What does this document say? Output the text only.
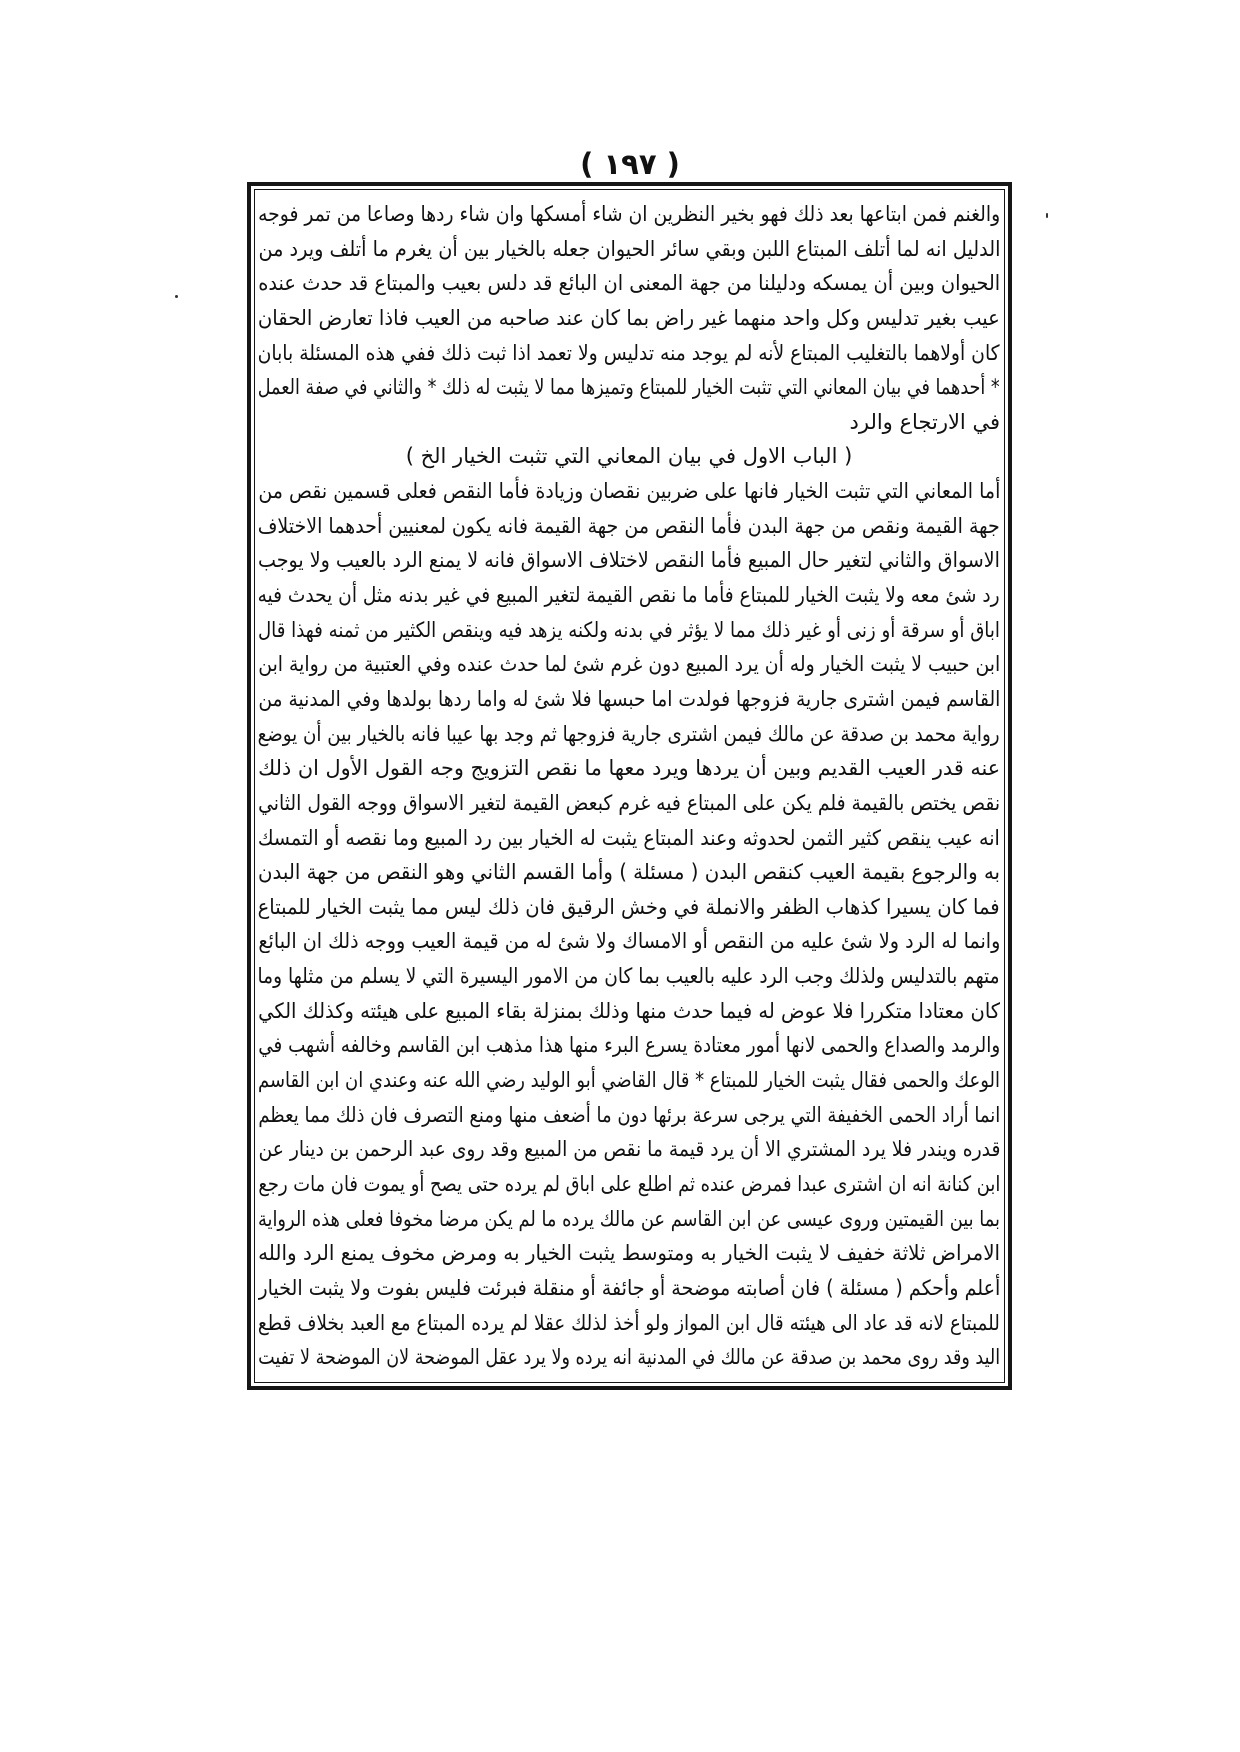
( ١٩٧ )
والغنم فمن ابتاعها بعد ذلك فهو بخير النظرين ان شاء أمسكها وان شاء ردها وصاعا من تمر فوجه
الدليل انه لما أتلف المبتاع اللبن وبقي سائر الحيوان جعله بالخيار بين أن يغرم ما أتلف ويرد من
الحيوان وبين أن يمسكه ودليلنا من جهة المعنى ان البائع قد دلس بعيب والمبتاع قد حدث عنده
عيب بغير تدليس وكل واحد منهما غير راض بما كان عند صاحبه من العيب فاذا تعارض الحقان
كان أولاهما بالتغليب المبتاع لأنه لم يوجد منه تدليس ولا تعمد اذا ثبت ذلك ففي هذه المسئلة بابان
* أحدهما في بيان المعاني التي تثبت الخيار للمبتاع وتميزها مما لا يثبت له ذلك * والثاني في صفة العمل
في الارتجاع والرد
( الباب الاول في بيان المعاني التي تثبت الخيار الخ )
أما المعاني التي تثبت الخيار فانها على ضربين نقصان وزيادة فأما النقص فعلى قسمين نقص من
جهة القيمة ونقص من جهة البدن فأما النقص من جهة القيمة فانه يكون لمعنيين أحدهما الاختلاف
الاسواق والثاني لتغير حال المبيع فأما النقص لاختلاف الاسواق فانه لا يمنع الرد بالعيب ولا يوجب
رد شئ معه ولا يثبت الخيار للمبتاع فأما ما نقص القيمة لتغير المبيع في غير بدنه مثل أن يحدث فيه
اباق أو سرقة أو زنى أو غير ذلك مما لا يؤثر في بدنه ولكنه يزهد فيه وينقص الكثير من ثمنه فهذا قال
ابن حبيب لا يثبت الخيار وله أن يرد المبيع دون غرم شئ لما حدث عنده وفي العتبية من رواية ابن
القاسم فيمن اشترى جارية فزوجها فولدت اما حبسها فلا شئ له واما ردها بولدها وفي المدنية من
رواية محمد بن صدقة عن مالك فيمن اشترى جارية فزوجها ثم وجد بها عيبا فانه بالخيار بين أن يوضع
عنه قدر العيب القديم وبين أن يردها ويرد معها ما نقص التزويج وجه القول الأول ان ذلك
نقص يختص بالقيمة فلم يكن على المبتاع فيه غرم كبعض القيمة لتغير الاسواق ووجه القول الثاني
انه عيب ينقص كثير الثمن لحدوثه وعند المبتاع يثبت له الخيار بين رد المبيع وما نقصه أو التمسك
به والرجوع بقيمة العيب كنقص البدن ( مسئلة ) وأما القسم الثاني وهو النقص من جهة البدن
فما كان يسيرا كذهاب الظفر والانملة في وخش الرقيق فان ذلك ليس مما يثبت الخيار للمبتاع
وانما له الرد ولا شئ عليه من النقص أو الامساك ولا شئ له من قيمة العيب ووجه ذلك ان البائع
متهم بالتدليس ولذلك وجب الرد عليه بالعيب بما كان من الامور اليسيرة التي لا يسلم من مثلها وما
كان معتادا متكررا فلا عوض له فيما حدث منها وذلك بمنزلة بقاء المبيع على هيئته وكذلك الكي
والرمد والصداع والحمى لانها أمور معتادة يسرع البرء منها هذا مذهب ابن القاسم وخالفه أشهب في
الوعك والحمى فقال يثبت الخيار للمبتاع * قال القاضي أبو الوليد رضي الله عنه وعندي ان ابن القاسم
انما أراد الحمى الخفيفة التي يرجى سرعة برئها دون ما أضعف منها ومنع التصرف فان ذلك مما يعظم
قدره ويندر فلا يرد المشتري الا أن يرد قيمة ما نقص من المبيع وقد روى عبد الرحمن بن دينار عن
ابن كنانة انه ان اشترى عبدا فمرض عنده ثم اطلع على اباق لم يرده حتى يصح أو يموت فان مات رجع
بما بين القيمتين وروى عيسى عن ابن القاسم عن مالك يرده ما لم يكن مرضا مخوفا فعلى هذه الرواية
الامراض ثلاثة خفيف لا يثبت الخيار به ومتوسط يثبت الخيار به ومرض مخوف يمنع الرد والله
أعلم وأحكم ( مسئلة ) فان أصابته موضحة أو جائفة أو منقلة فبرئت فليس بفوت ولا يثبت الخيار
للمبتاع لانه قد عاد الى هيئته قال ابن المواز ولو أخذ لذلك عقلا لم يرده المبتاع مع العبد بخلاف قطع
اليد وقد روى محمد بن صدقة عن مالك في المدنية انه يرده ولا يرد عقل الموضحة لان الموضحة لا تفيت
